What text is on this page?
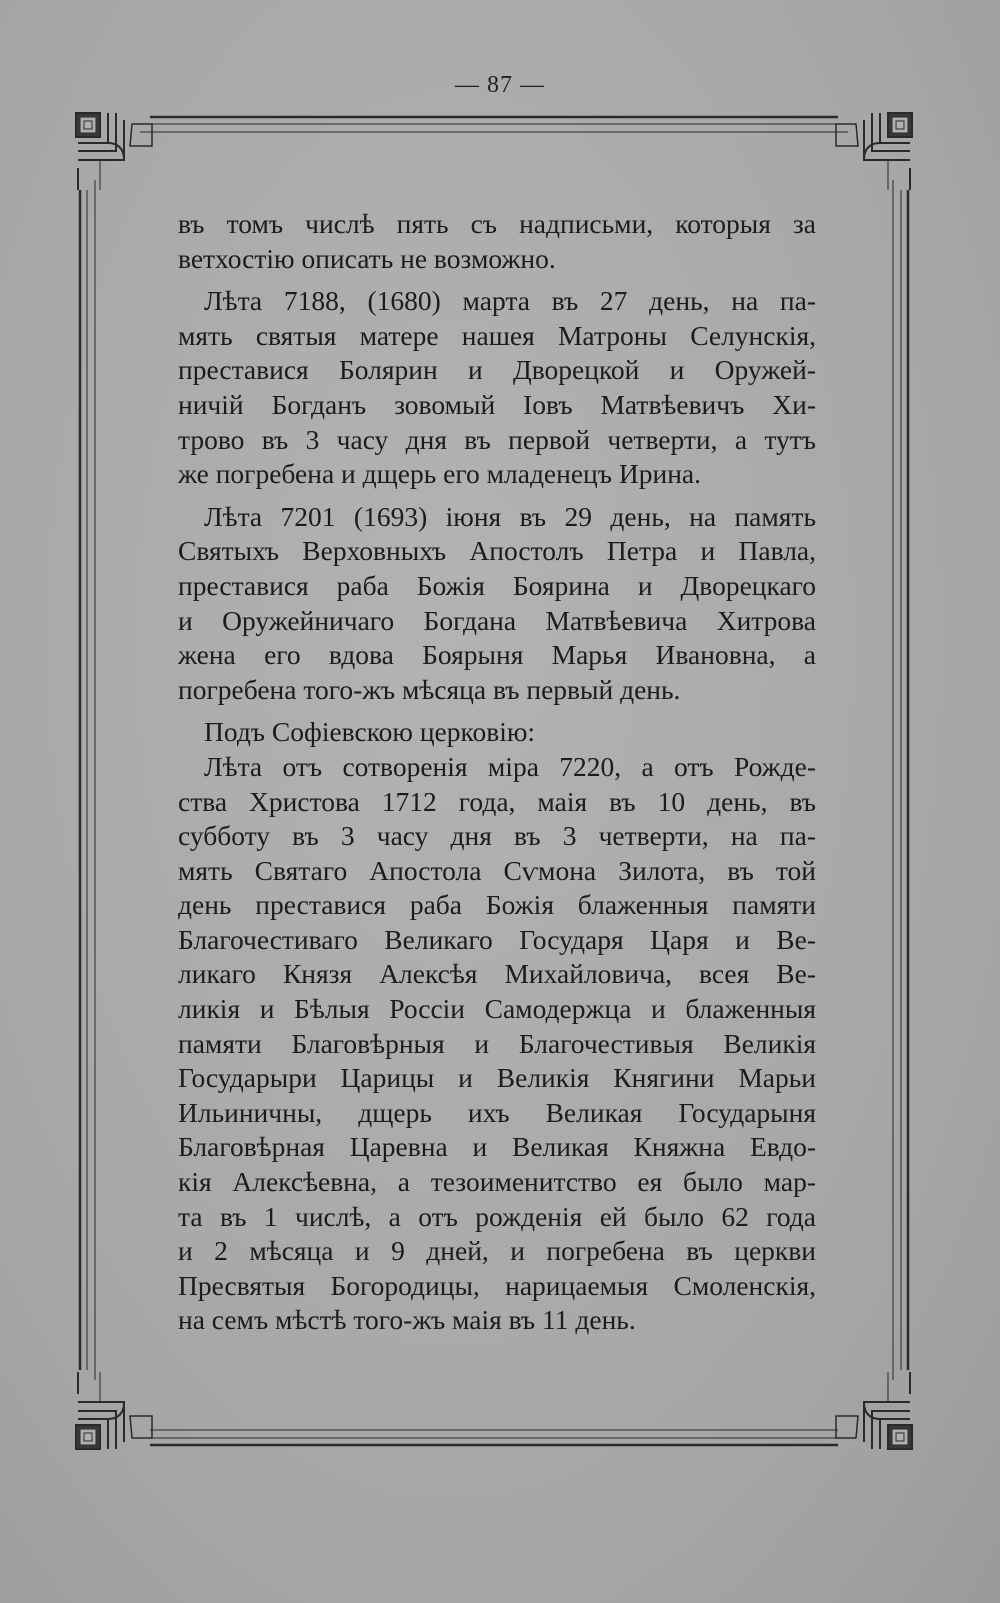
— 87 —
въ томъ числѣ пять съ надписьми, которыя за
ветхостію описать не возможно.
Лѣта 7188, (1680) марта въ 27 день, на па-
мять святыя матере нашея Матроны Селунскія,
преставися Болярин и Дворецкой и Оружей-
ничій Богданъ зовомый Іовъ Матвѣевичъ Хи-
трово въ 3 часу дня въ первой четверти, а тутъ
же погребена и дщерь его младенецъ Ирина.
Лѣта 7201 (1693) іюня въ 29 день, на память
Святыхъ Верховныхъ Апостолъ Петра и Павла,
преставися раба Божія Боярина и Дворецкаго
и Оружейничаго Богдана Матвѣевича Хитрова
жена его вдова Боярыня Марья Ивановна, а
погребена того-жъ мѣсяца въ первый день.
Подъ Софіевскою церковію:
Лѣта отъ сотворенія міра 7220, а отъ Рожде-
ства Христова 1712 года, маія въ 10 день, въ
субботу въ 3 часу дня въ 3 четверти, на па-
мять Святаго Апостола Сѵмона Зилота, въ той
день преставися раба Божія блаженныя памяти
Благочестиваго Великаго Государя Царя и Ве-
ликаго Князя Алексѣя Михайловича, всея Ве-
ликія и Бѣлыя Россіи Самодержца и блаженныя
памяти Благовѣрныя и Благочестивыя Великія
Государыри Царицы и Великія Княгини Марьи
Ильиничны, дщерь ихъ Великая Государыня
Благовѣрная Царевна и Великая Княжна Евдо-
кія Алексѣевна, а тезоименитство ея было мар-
та въ 1 числѣ, а отъ рожденія ей было 62 года
и 2 мѣсяца и 9 дней, и погребена въ церкви
Пресвятыя Богородицы, нарицаемыя Смоленскія,
на семъ мѣстѣ того-жъ маія въ 11 день.
